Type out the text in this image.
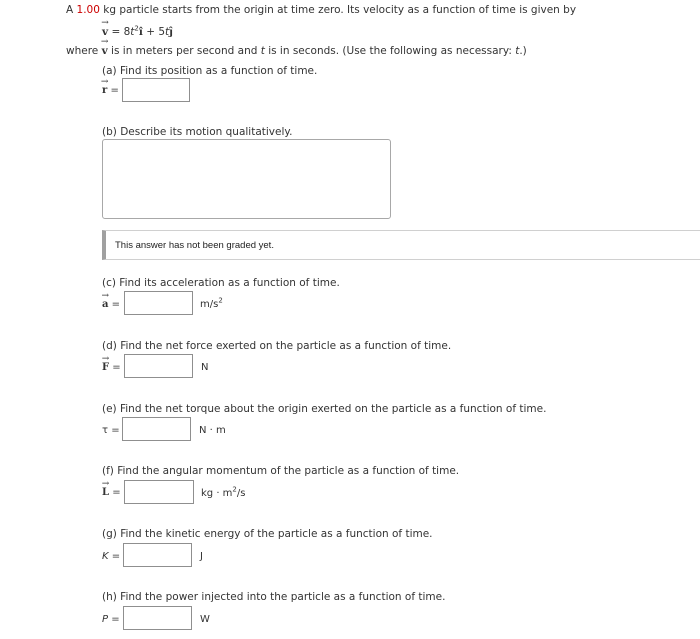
A 1.00 kg particle starts from the origin at time zero. Its velocity as a function of time is given by
→ $v = 8t^2î$ + 5tĵ
where → v is in meters per second and t is in seconds. (Use the following as necessary: t.)
(a) Find its position as a function of time.
→ r =
(b) Describe its motion qualitatively.
This answer has not been graded yet.
(c) Find its acceleration as a function of time.
→ a =	$m/s^2$
(d) Find the net force exerted on the particle as a function of time.
→ F =	N
(e) Find the net torque about the origin exerted on the particle as a function of time.
τ =	N · m
(f) Find the angular momentum of the particle as a function of time.
→ L =	kg · $m^2/s$
(g) Find the kinetic energy of the particle as a function of time.
K =	J
(h) Find the power injected into the particle as a function of time.
P =	W
